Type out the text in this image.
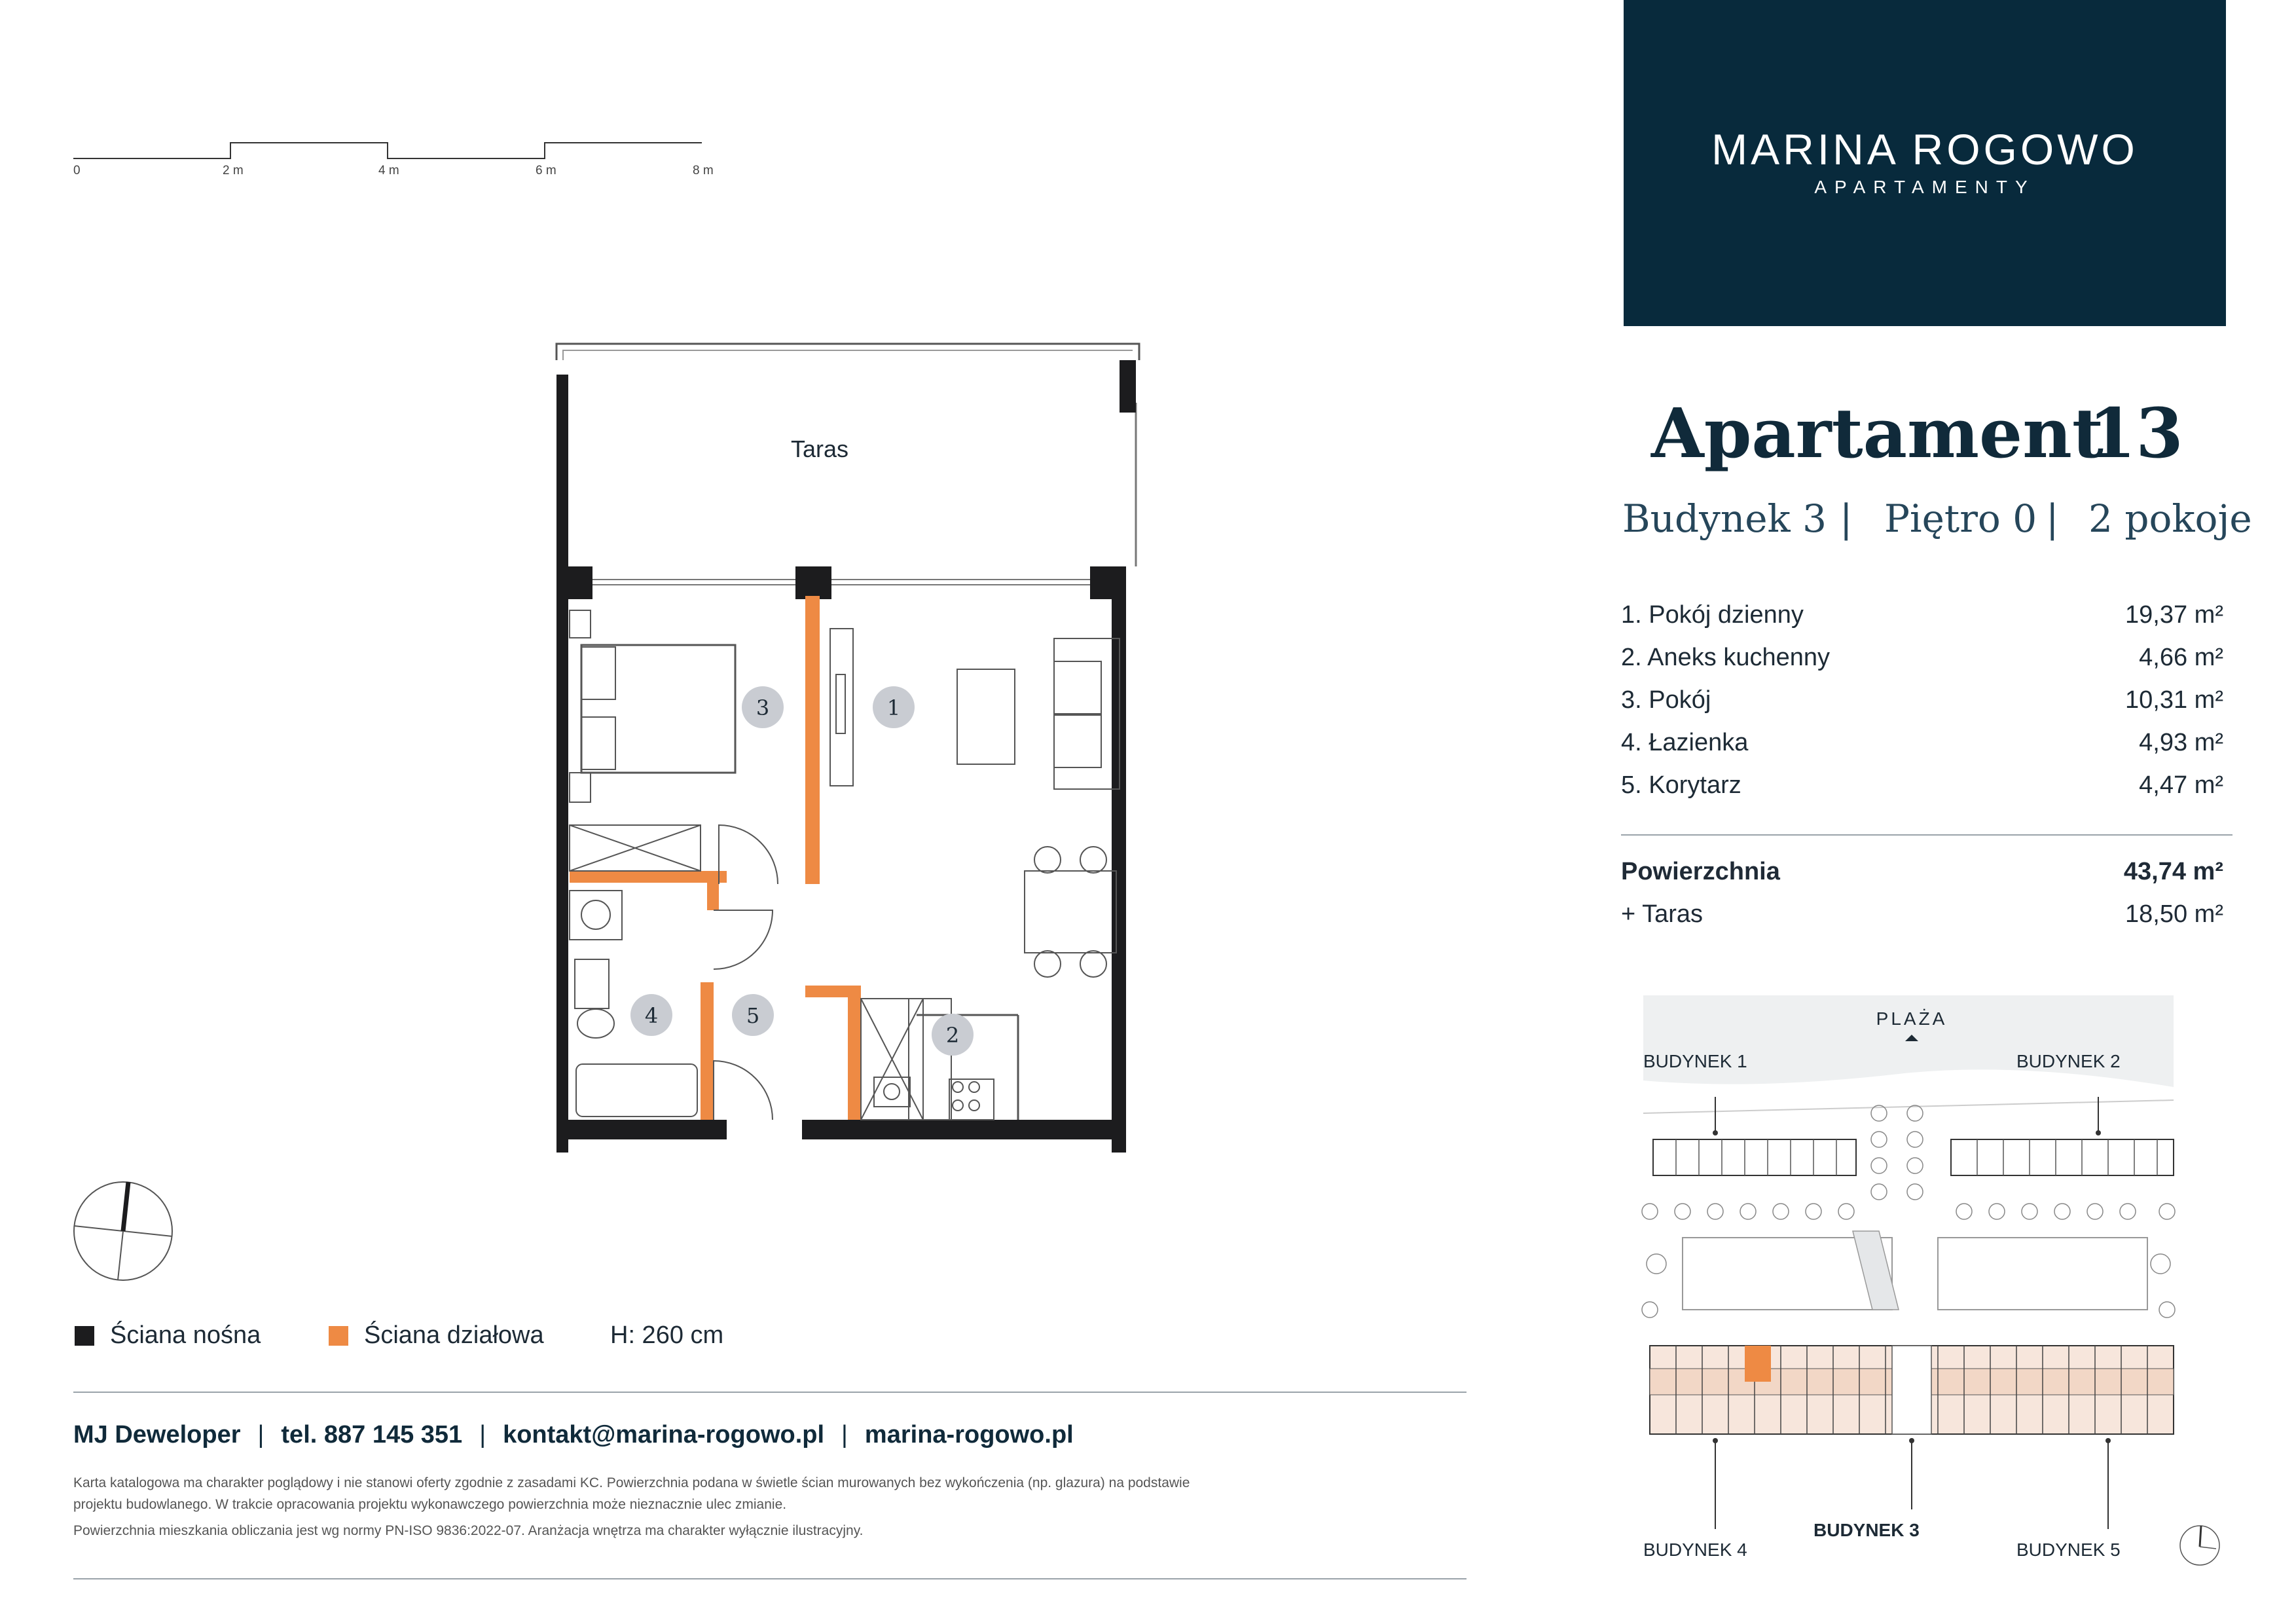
0	2 m	4 m	6 m	8 m	MARINA ROGOWO
APARTAMENTY
Apartament
13
Budynek 3 | Piętro 0 | 2 pokoje
1. Pokój dzienny	19,37 m²
2. Aneks kuchenny	4,66 m²
3. Pokój	10,31 m²
4. Łazienka	4,93 m²
5. Korytarz	4,47 m²
Powierzchnia	43,74 m²
+ Taras	18,50 m²
1
2
3
4	5
Taras
Ściana nośna	Ściana działowa	H: 260 cm
MJ Deweloper | tel. 887 145 351 | kontakt@marina-rogowo.pl | marina-rogowo.pl
Karta katalogowa ma charakter poglądowy i nie stanowi oferty zgodnie z zasadami KC. Powierzchnia podana w świetle ścian murowanych bez wykończenia (np. glazura) na podstawie
projektu budowlanego. W trakcie opracowania projektu wykonawczego powierzchnia może nieznacznie ulec zmianie.
Powierzchnia mieszkania obliczania jest wg normy PN-ISO 9836:2022-07. Aranżacja wnętrza ma charakter wyłącznie ilustracyjny.
PLAŻA
BUDYNEK 1	BUDYNEK 2
BUDYNEK 4
BUDYNEK 3
BUDYNEK 5
